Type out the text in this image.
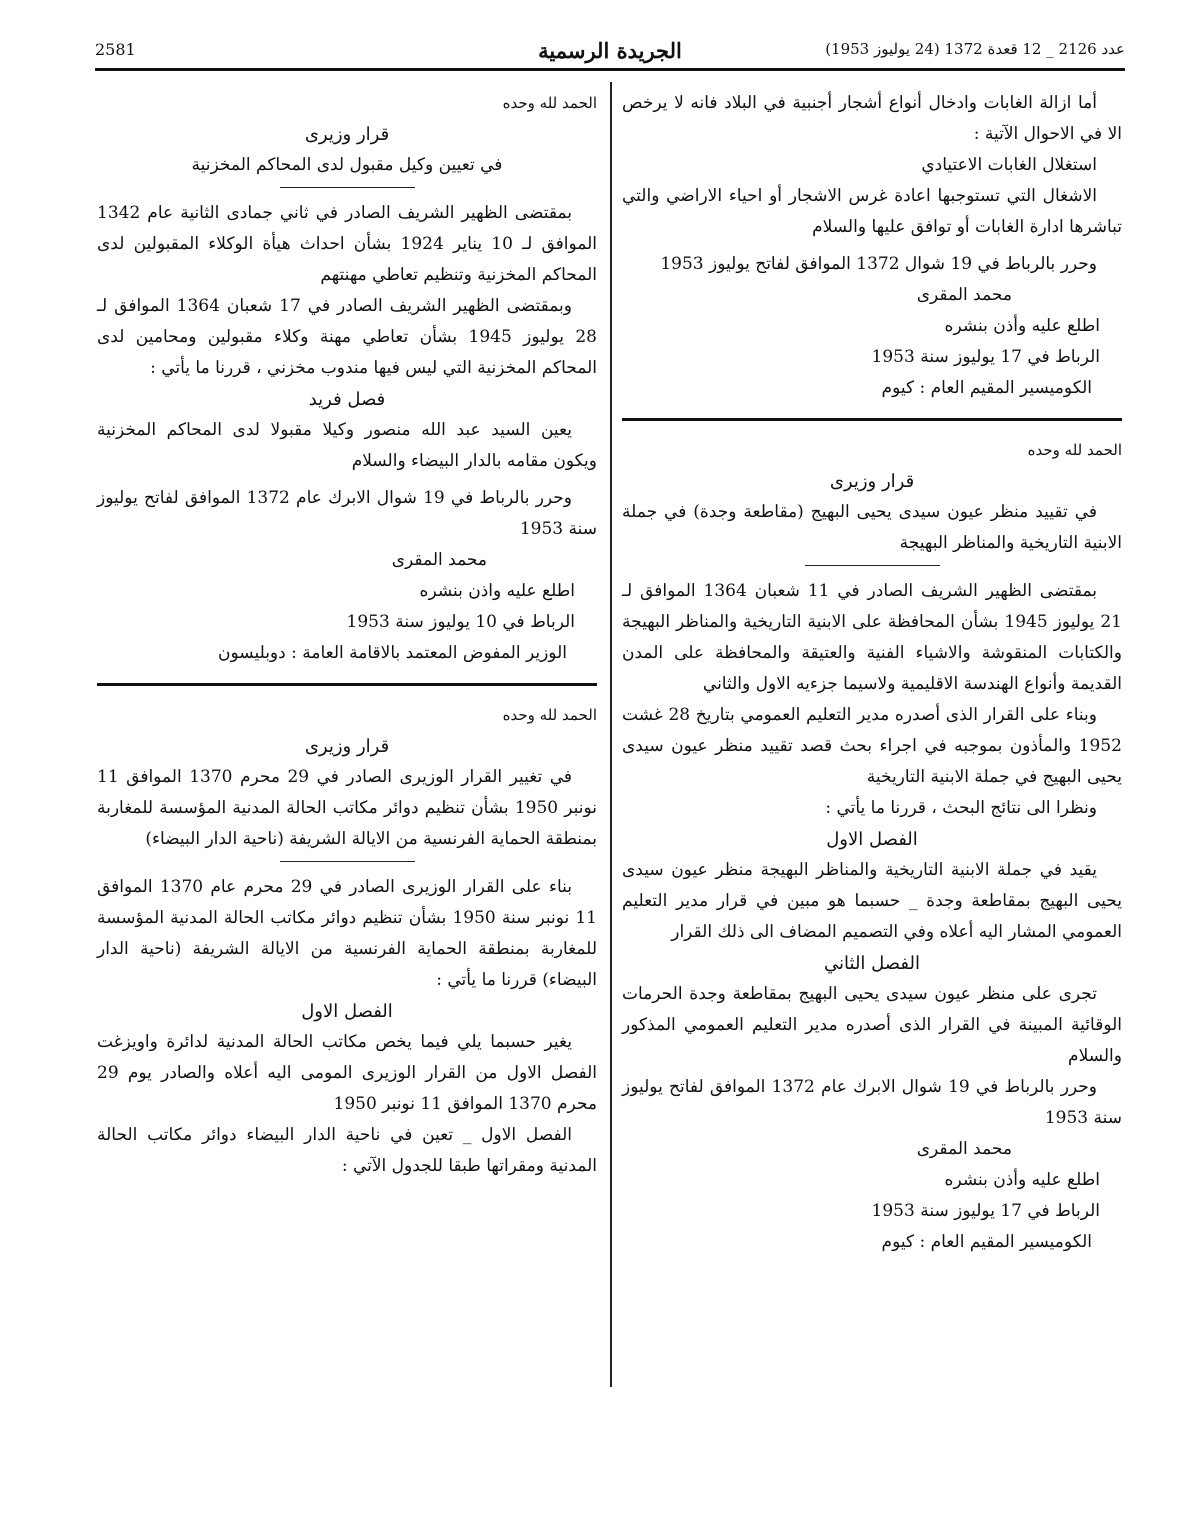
2581	الجريدة الرسمية	عدد 2126 _ 12 قعدة 1372 (24 يوليوز 1953)

أما ازالة الغابات وادخال أنواع أشجار أجنبية في البلاد فانه لا يرخص الا في الاحوال الآتية :

استغلال الغابات الاعتيادي

الاشغال التي تستوجبها اعادة غرس الاشجار أو احياء الاراضي والتي تباشرها ادارة الغابات أو توافق عليها والسلام

وحرر بالرباط في 19 شوال 1372 الموافق لفاتح يوليوز 1953

محمد المقرى

اطلع عليه وأذن بنشره

الرباط في 17 يوليوز سنة 1953

الكوميسير المقيم العام : كيوم

الحمد لله وحده

قرار وزيرى

في تقييد منظر عيون سيدى يحيى البهيج (مقاطعة وجدة) في جملة الابنية التاريخية والمناظر البهيجة

بمقتضى الظهير الشريف الصادر في 11 شعبان 1364 الموافق لـ 21 يوليوز 1945 بشأن المحافظة على الابنية التاريخية والمناظر البهيجة والكتابات المنقوشة والاشياء الفنية والعتيقة والمحافظة على المدن القديمة وأنواع الهندسة الاقليمية ولاسيما جزءيه الاول والثاني

وبناء على القرار الذى أصدره مدير التعليم العمومي بتاريخ 28 غشت 1952 والمأذون بموجبه في اجراء بحث قصد تقييد منظر عيون سيدى يحيى البهيج في جملة الابنية التاريخية

ونظرا الى نتائج البحث ، قررنا ما يأتي :

الفصل الاول

يقيد في جملة الابنية التاريخية والمناظر البهيجة منظر عيون سيدى يحيى البهيج بمقاطعة وجدة _ حسبما هو مبين في قرار مدير التعليم العمومي المشار اليه أعلاه وفي التصميم المضاف الى ذلك القرار

الفصل الثاني

تجرى على منظر عيون سيدى يحيى البهيج بمقاطعة وجدة الحرمات الوقائية المبينة في القرار الذى أصدره مدير التعليم العمومي المذكور والسلام

وحرر بالرباط في 19 شوال الابرك عام 1372 الموافق لفاتح يوليوز سنة 1953

محمد المقرى

اطلع عليه وأذن بنشره

الرباط في 17 يوليوز سنة 1953

الكوميسير المقيم العام : كيوم

الحمد لله وحده

قرار وزيرى

في تعيين وكيل مقبول لدى المحاكم المخزنية

بمقتضى الظهير الشريف الصادر في ثاني جمادى الثانية عام 1342 الموافق لـ 10 يناير 1924 بشأن احداث هيأة الوكلاء المقبولين لدى المحاكم المخزنية وتنظيم تعاطي مهنتهم

وبمقتضى الظهير الشريف الصادر في 17 شعبان 1364 الموافق لـ 28 يوليوز 1945 بشأن تعاطي مهنة وكلاء مقبولين ومحامين لدى المحاكم المخزنية التي ليس فيها مندوب مخزني ، قررنا ما يأتي :

فصل فريد

يعين السيد عبد الله منصور وكيلا مقبولا لدى المحاكم المخزنية ويكون مقامه بالدار البيضاء والسلام

وحرر بالرباط في 19 شوال الابرك عام 1372 الموافق لفاتح يوليوز سنة 1953

محمد المقرى

اطلع عليه واذن بنشره

الرباط في 10 يوليوز سنة 1953

الوزير المفوض المعتمد بالاقامة العامة : دوبليسون

الحمد لله وحده

قرار وزيرى

في تغيير القرار الوزيرى الصادر في 29 محرم 1370 الموافق 11 نونبر 1950 بشأن تنظيم دوائر مكاتب الحالة المدنية المؤسسة للمغاربة بمنطقة الحماية الفرنسية من الايالة الشريفة (ناحية الدار البيضاء)

بناء على القرار الوزيرى الصادر في 29 محرم عام 1370 الموافق 11 نونبر سنة 1950 بشأن تنظيم دوائر مكاتب الحالة المدنية المؤسسة للمغاربة بمنطقة الحماية الفرنسية من الايالة الشريفة (ناحية الدار البيضاء) قررنا ما يأتي :

الفصل الاول

يغير حسبما يلي فيما يخص مكاتب الحالة المدنية لدائرة واويزغت الفصل الاول من القرار الوزيرى المومى اليه أعلاه والصادر يوم 29 محرم 1370 الموافق 11 نونبر 1950

الفصل الاول _ تعين في ناحية الدار البيضاء دوائر مكاتب الحالة المدنية ومقراتها طبقا للجدول الآتي :
